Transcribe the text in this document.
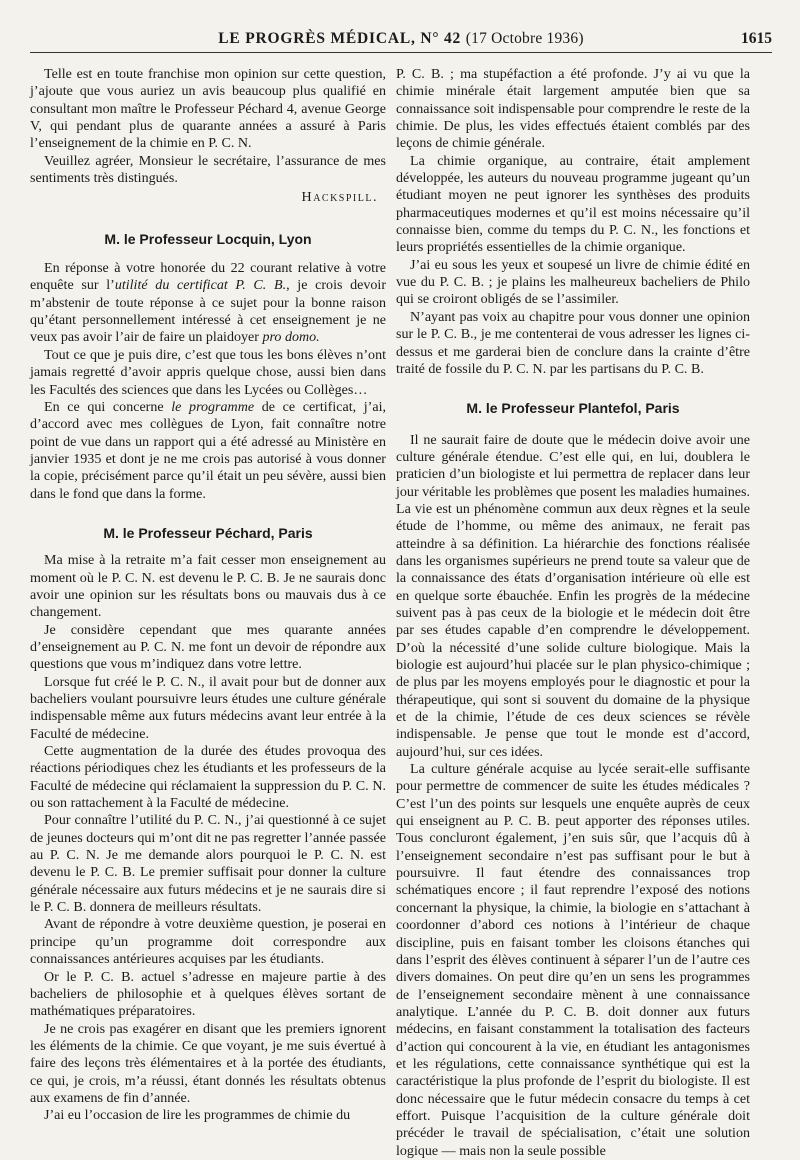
LE PROGRÈS MÉDICAL, N° 42 (17 Octobre 1936)	1615

Telle est en toute franchise mon opinion sur cette question, j’ajoute que vous auriez un avis beaucoup plus qualifié en consultant mon maître le Professeur Péchard 4, avenue George V, qui pendant plus de quarante années a assuré à Paris l’enseignement de la chimie en P. C. N.

Veuillez agréer, Monsieur le secrétaire, l’assurance de mes sentiments très distingués.

Hackspill.
M. le Professeur Locquin, Lyon

En réponse à votre honorée du 22 courant relative à votre enquête sur l’utilité du certificat P. C. B., je crois devoir m’abstenir de toute réponse à ce sujet pour la bonne raison qu’étant personnellement intéressé à cet enseignement je ne veux pas avoir l’air de faire un plaidoyer pro domo.

Tout ce que je puis dire, c’est que tous les bons élèves n’ont jamais regretté d’avoir appris quelque chose, aussi bien dans les Facultés des sciences que dans les Lycées ou Collèges…

En ce qui concerne le programme de ce certificat, j’ai, d’accord avec mes collègues de Lyon, fait connaître notre point de vue dans un rapport qui a été adressé au Ministère en janvier 1935 et dont je ne me crois pas autorisé à vous donner la copie, précisément parce qu’il était un peu sévère, aussi bien dans le fond que dans la forme.

M. le Professeur Péchard, Paris

Ma mise à la retraite m’a fait cesser mon enseignement au moment où le P. C. N. est devenu le P. C. B. Je ne saurais donc avoir une opinion sur les résultats bons ou mauvais dus à ce changement.

Je considère cependant que mes quarante années d’enseignement au P. C. N. me font un devoir de répondre aux questions que vous m’indiquez dans votre lettre.

Lorsque fut créé le P. C. N., il avait pour but de donner aux bacheliers voulant poursuivre leurs études une culture générale indispensable même aux futurs médecins avant leur entrée à la Faculté de médecine.

Cette augmentation de la durée des études provoqua des réactions périodiques chez les étudiants et les professeurs de la Faculté de médecine qui réclamaient la suppression du P. C. N. ou son rattachement à la Faculté de médecine.

Pour connaître l’utilité du P. C. N., j’ai questionné à ce sujet de jeunes docteurs qui m’ont dit ne pas regretter l’année passée au P. C. N. Je me demande alors pourquoi le P. C. N. est devenu le P. C. B. Le premier suffisait pour donner la culture générale nécessaire aux futurs médecins et je ne saurais dire si le P. C. B. donnera de meilleurs résultats.

Avant de répondre à votre deuxième question, je poserai en principe qu’un programme doit correspondre aux connaissances antérieures acquises par les étudiants.

Or le P. C. B. actuel s’adresse en majeure partie à des bacheliers de philosophie et à quelques élèves sortant de mathématiques préparatoires.

Je ne crois pas exagérer en disant que les premiers ignorent les éléments de la chimie. Ce que voyant, je me suis évertué à faire des leçons très élémentaires et à la portée des étudiants, ce qui, je crois, m’a réussi, étant donnés les résultats obtenus aux examens de fin d’année.

J’ai eu l’occasion de lire les programmes de chimie du

P. C. B. ; ma stupéfaction a été profonde. J’y ai vu que la chimie minérale était largement amputée bien que sa connaissance soit indispensable pour comprendre le reste de la chimie. De plus, les vides effectués étaient comblés par des leçons de chimie générale.

La chimie organique, au contraire, était amplement développée, les auteurs du nouveau programme jugeant qu’un étudiant moyen ne peut ignorer les synthèses des produits pharmaceutiques modernes et qu’il est moins nécessaire qu’il connaisse bien, comme du temps du P. C. N., les fonctions et leurs propriétés essentielles de la chimie organique.

J’ai eu sous les yeux et soupesé un livre de chimie édité en vue du P. C. B. ; je plains les malheureux bacheliers de Philo qui se croiront obligés de se l’assimiler.

N’ayant pas voix au chapitre pour vous donner une opinion sur le P. C. B., je me contenterai de vous adresser les lignes ci-dessus et me garderai bien de conclure dans la crainte d’être traité de fossile du P. C. N. par les partisans du P. C. B.

M. le Professeur Plantefol, Paris

Il ne saurait faire de doute que le médecin doive avoir une culture générale étendue. C’est elle qui, en lui, doublera le praticien d’un biologiste et lui permettra de replacer dans leur jour véritable les problèmes que posent les maladies humaines. La vie est un phénomène commun aux deux règnes et la seule étude de l’homme, ou même des animaux, ne ferait pas atteindre à sa définition. La hiérarchie des fonctions réalisée dans les organismes supérieurs ne prend toute sa valeur que de la connaissance des états d’organisation intérieure où elle est en quelque sorte ébauchée. Enfin les progrès de la médecine suivent pas à pas ceux de la biologie et le médecin doit être par ses études capable d’en comprendre le développement. D’où la nécessité d’une solide culture biologique. Mais la biologie est aujourd’hui placée sur le plan physico-chimique ; de plus par les moyens employés pour le diagnostic et pour la thérapeutique, qui sont si souvent du domaine de la physique et de la chimie, l’étude de ces deux sciences se révèle indispensable. Je pense que tout le monde est d’accord, aujourd’hui, sur ces idées.

La culture générale acquise au lycée serait-elle suffisante pour permettre de commencer de suite les études médicales ? C’est l’un des points sur lesquels une enquête auprès de ceux qui enseignent au P. C. B. peut apporter des réponses utiles. Tous concluront également, j’en suis sûr, que l’acquis dû à l’enseignement secondaire n’est pas suffisant pour le but à poursuivre. Il faut étendre des connaissances trop schématiques encore ; il faut reprendre l’exposé des notions concernant la physique, la chimie, la biologie en s’attachant à coordonner d’abord ces notions à l’intérieur de chaque discipline, puis en faisant tomber les cloisons étanches qui dans l’esprit des élèves continuent à séparer l’un de l’autre ces divers domaines. On peut dire qu’en un sens les programmes de l’enseignement secondaire mènent à une connaissance analytique. L’année du P. C. B. doit donner aux futurs médecins, en faisant constamment la totalisation des facteurs d’action qui concourent à la vie, en étudiant les antagonismes et les régulations, cette connaissance synthétique qui est la caractéristique la plus profonde de l’esprit du biologiste. Il est donc nécessaire que le futur médecin consacre du temps à cet effort. Puisque l’acquisition de la culture générale doit précéder le travail de spécialisation, c’était une solution logique — mais non la seule possible
